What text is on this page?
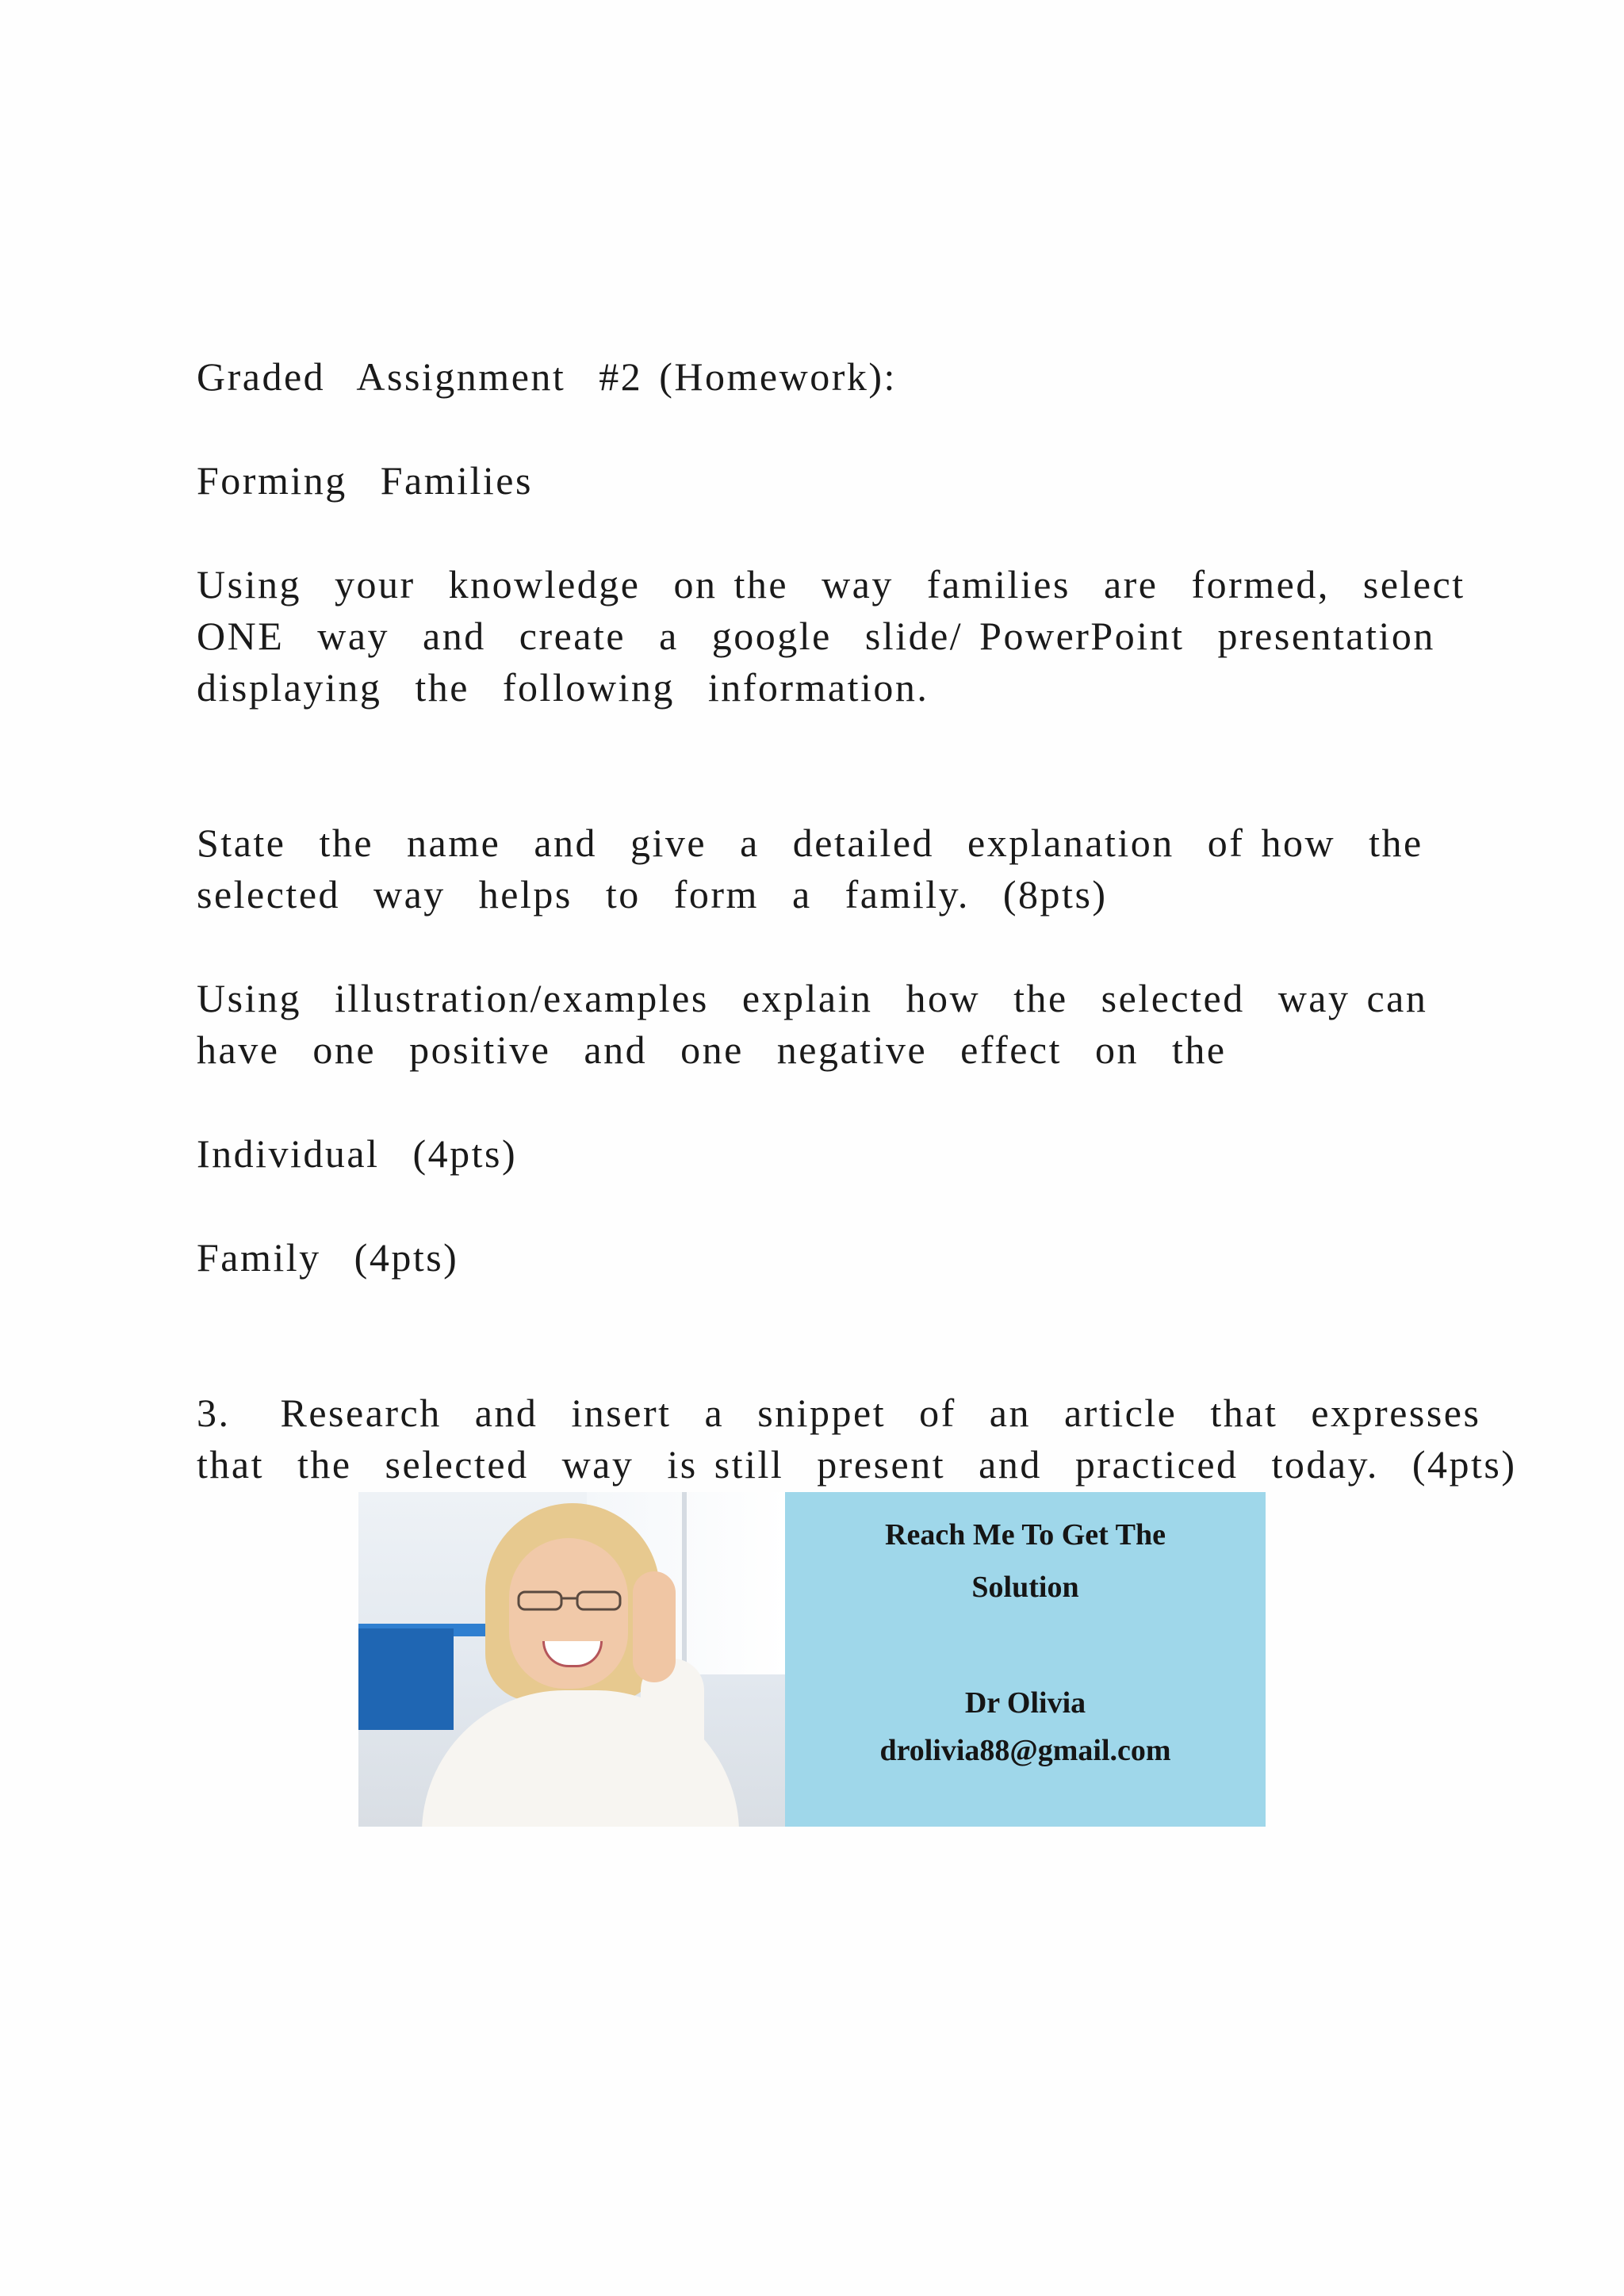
Graded  Assignment  #2 (Homework):
Forming  Families
Using  your  knowledge  on the  way  families  are  formed,  select
ONE  way  and  create  a  google  slide/ PowerPoint  presentation
displaying  the  following  information.
State  the  name  and  give  a  detailed  explanation  of how  the
selected  way  helps  to  form  a  family.  (8pts)
Using  illustration/examples  explain  how  the  selected  way can
have  one  positive  and  one  negative  effect  on  the
Individual  (4pts)
Family  (4pts)
3.   Research  and  insert  a  snippet  of  an  article  that  expresses
that  the  selected  way  is still  present  and  practiced  today.  (4pts)
Reach Me To Get The
Solution
Dr Olivia
drolivia88@gmail.com
